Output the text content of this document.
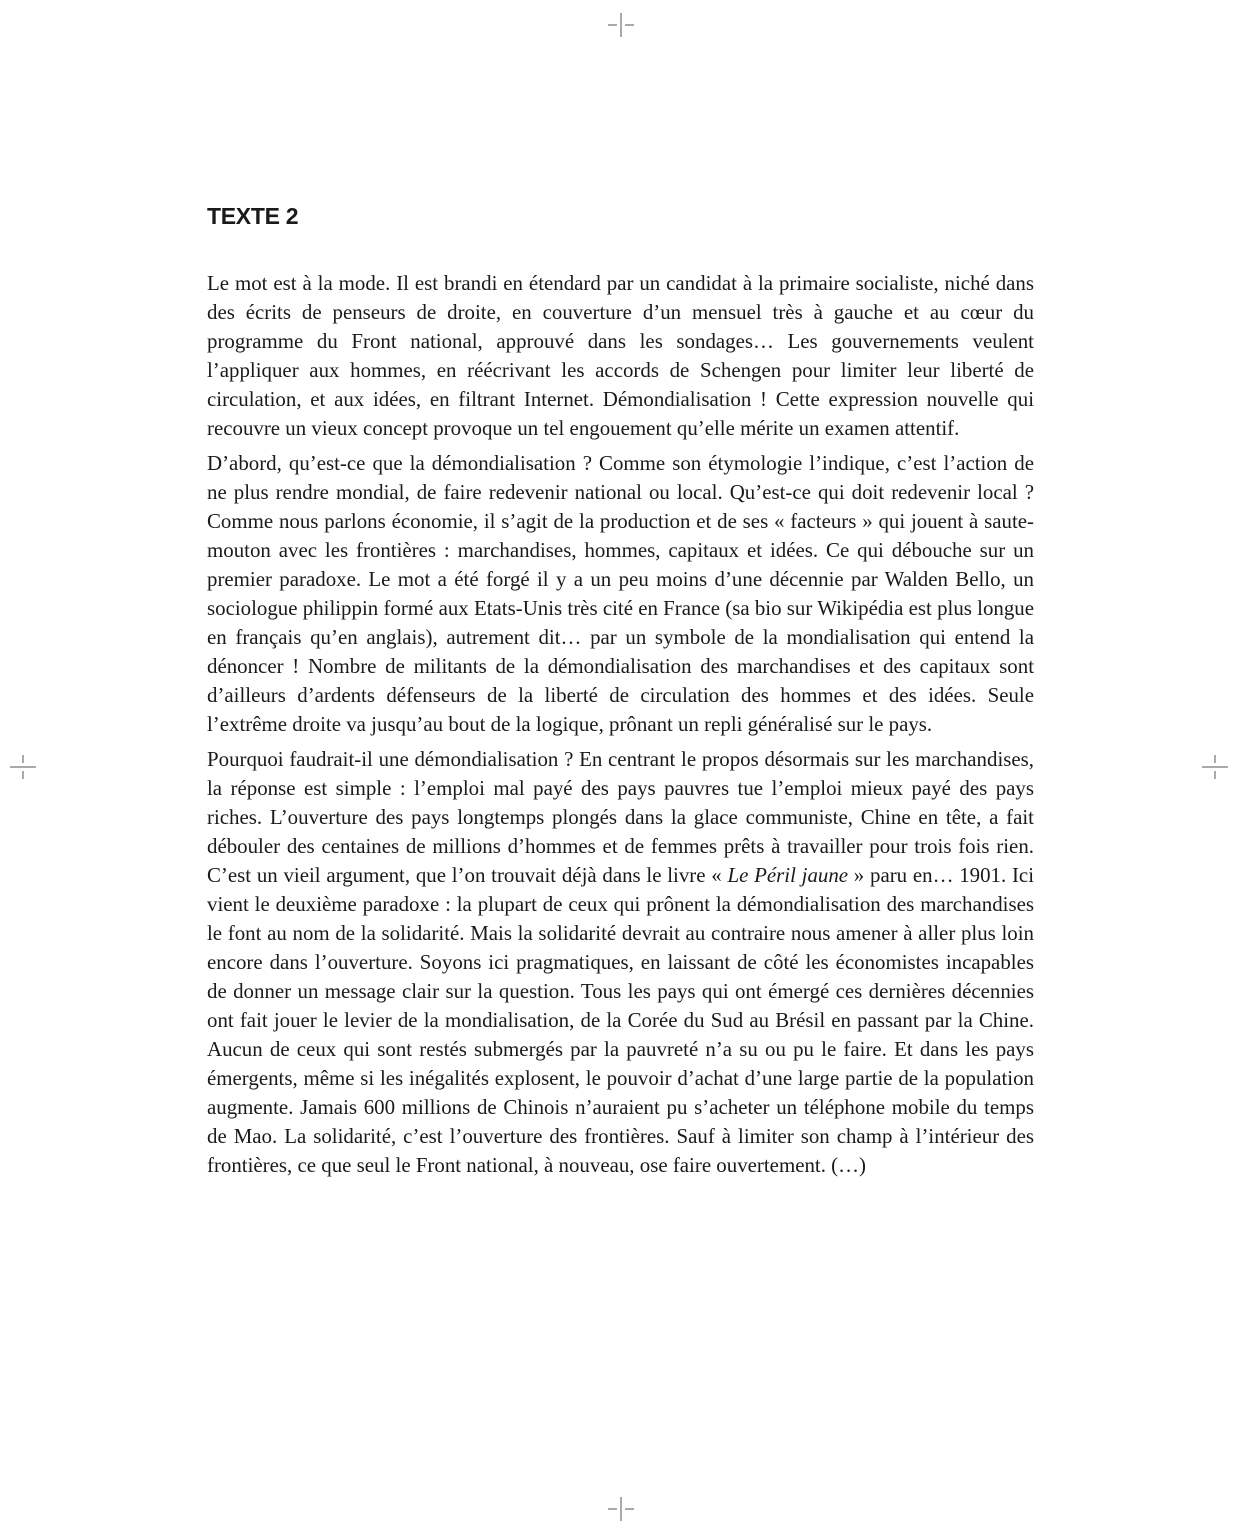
TEXTE 2

Le mot est à la mode. Il est brandi en étendard par un candidat à la primaire socialiste, niché dans des écrits de penseurs de droite, en couverture d’un mensuel très à gauche et au cœur du programme du Front national, approuvé dans les sondages… Les gouvernements veulent l’appliquer aux hommes, en réécrivant les accords de Schengen pour limiter leur liberté de circulation, et aux idées, en filtrant Internet. Démondialisation ! Cette expression nouvelle qui recouvre un vieux concept provoque un tel engouement qu’elle mérite un examen attentif.

D’abord, qu’est-ce que la démondialisation ? Comme son étymologie l’indique, c’est l’action de ne plus rendre mondial, de faire redevenir national ou local. Qu’est-ce qui doit redevenir local ? Comme nous parlons économie, il s’agit de la production et de ses « facteurs » qui jouent à saute-mouton avec les frontières : marchandises, hommes, capitaux et idées. Ce qui débouche sur un premier paradoxe. Le mot a été forgé il y a un peu moins d’une décennie par Walden Bello, un sociologue philippin formé aux Etats-Unis très cité en France (sa bio sur Wikipédia est plus longue en français qu’en anglais), autrement dit… par un symbole de la mondialisation qui entend la dénoncer ! Nombre de militants de la démondialisation des marchandises et des capitaux sont d’ailleurs d’ardents défenseurs de la liberté de circulation des hommes et des idées. Seule l’extrême droite va jusqu’au bout de la logique, prônant un repli généralisé sur le pays.

Pourquoi faudrait-il une démondialisation ? En centrant le propos désormais sur les marchandises, la réponse est simple : l’emploi mal payé des pays pauvres tue l’emploi mieux payé des pays riches. L’ouverture des pays longtemps plongés dans la glace communiste, Chine en tête, a fait débouler des centaines de millions d’hommes et de femmes prêts à travailler pour trois fois rien. C’est un vieil argument, que l’on trouvait déjà dans le livre « Le Péril jaune » paru en… 1901. Ici vient le deuxième paradoxe : la plupart de ceux qui prônent la démondialisation des marchandises le font au nom de la solidarité. Mais la solidarité devrait au contraire nous amener à aller plus loin encore dans l’ouverture. Soyons ici pragmatiques, en laissant de côté les économistes incapables de donner un message clair sur la question. Tous les pays qui ont émergé ces dernières décennies ont fait jouer le levier de la mondialisation, de la Corée du Sud au Brésil en passant par la Chine. Aucun de ceux qui sont restés submergés par la pauvreté n’a su ou pu le faire. Et dans les pays émergents, même si les inégalités explosent, le pouvoir d’achat d’une large partie de la population augmente. Jamais 600 millions de Chinois n’auraient pu s’acheter un téléphone mobile du temps de Mao. La solidarité, c’est l’ouverture des frontières. Sauf à limiter son champ à l’intérieur des frontières, ce que seul le Front national, à nouveau, ose faire ouvertement. (…)
